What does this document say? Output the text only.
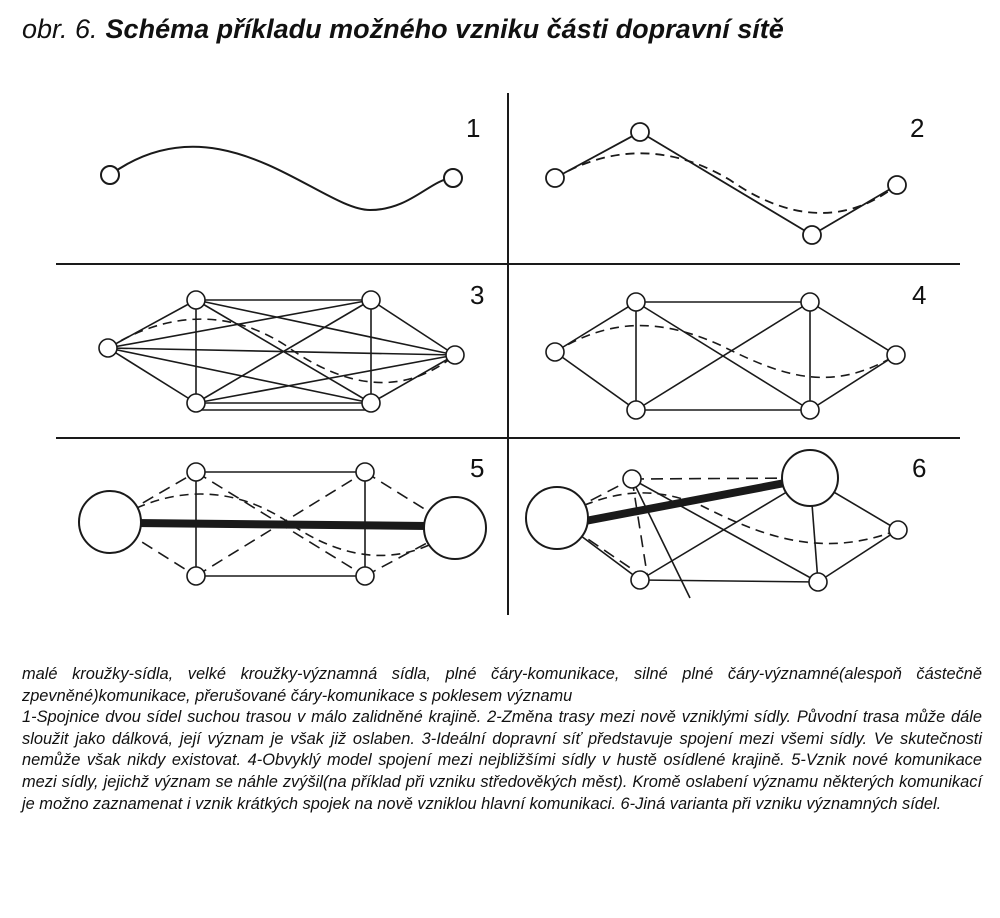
obr. 6. Schéma příkladu možného vzniku části dopravní sítě
1	2
3	4
5	6

malé kroužky-sídla, velké kroužky-významná sídla, plné čáry-komunikace, silné plné čáry-významné(alespoň částečně zpevněné)komunikace, přerušované čáry-komunikace s poklesem významu

1-Spojnice dvou sídel suchou trasou v málo zalidněné krajině. 2-Změna trasy mezi nově vzniklými sídly. Původní trasa může dále sloužit jako dálková, její význam je však již oslaben. 3-Ideální dopravní síť představuje spojení mezi všemi sídly. Ve skutečnosti nemůže však nikdy existovat. 4-Obvyklý model spojení mezi nejbližšími sídly v hustě osídlené krajině. 5-Vznik nové komunikace mezi sídly, jejichž význam se náhle zvýšil(na příklad při vzniku středověkých měst). Kromě oslabení významu některých komunikací je možno zaznamenat i vznik krátkých spojek na nově vzniklou hlavní komunikaci. 6-Jiná varianta při vzniku významných sídel.
